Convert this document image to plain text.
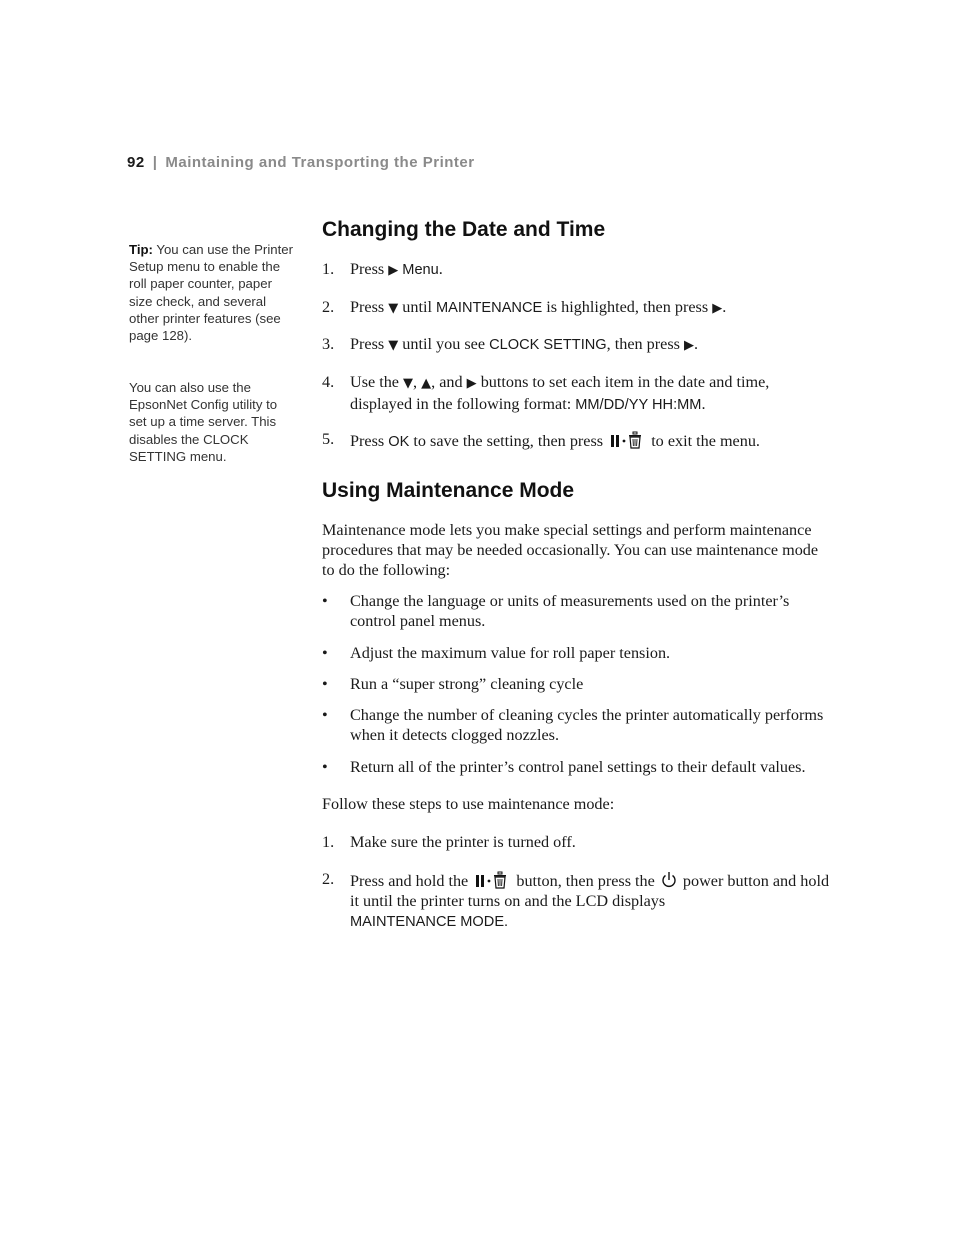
92 | Maintaining and Transporting the Printer
Tip: You can use the Printer Setup menu to enable the roll paper counter, paper size check, and several other printer features (see page 128).
You can also use the EpsonNet Config utility to set up a time server. This disables the CLOCK SETTING menu.
Changing the Date and Time
1. Press ▶ Menu.
2. Press ▼ until MAINTENANCE is highlighted, then press ▶.
3. Press ▼ until you see CLOCK SETTING, then press ▶.
4. Use the ▼, ▲, and ▶ buttons to set each item in the date and time, displayed in the following format: MM/DD/YY HH:MM.
5. Press OK to save the setting, then press	to exit the menu.
Using Maintenance Mode
Maintenance mode lets you make special settings and perform maintenance procedures that may be needed occasionally. You can use maintenance mode to do the following:
•	Change the language or units of measurements used on the printer’s control panel menus.
•	Adjust the maximum value for roll paper tension.
•	Run a “super strong” cleaning cycle
•	Change the number of cleaning cycles the printer automatically performs when it detects clogged nozzles.
•	Return all of the printer’s control panel settings to their default values.
Follow these steps to use maintenance mode:
1. Make sure the printer is turned off.
2. Press and hold the	button, then press the power button and hold it until the printer turns on and the LCD displays
MAINTENANCE MODE.
